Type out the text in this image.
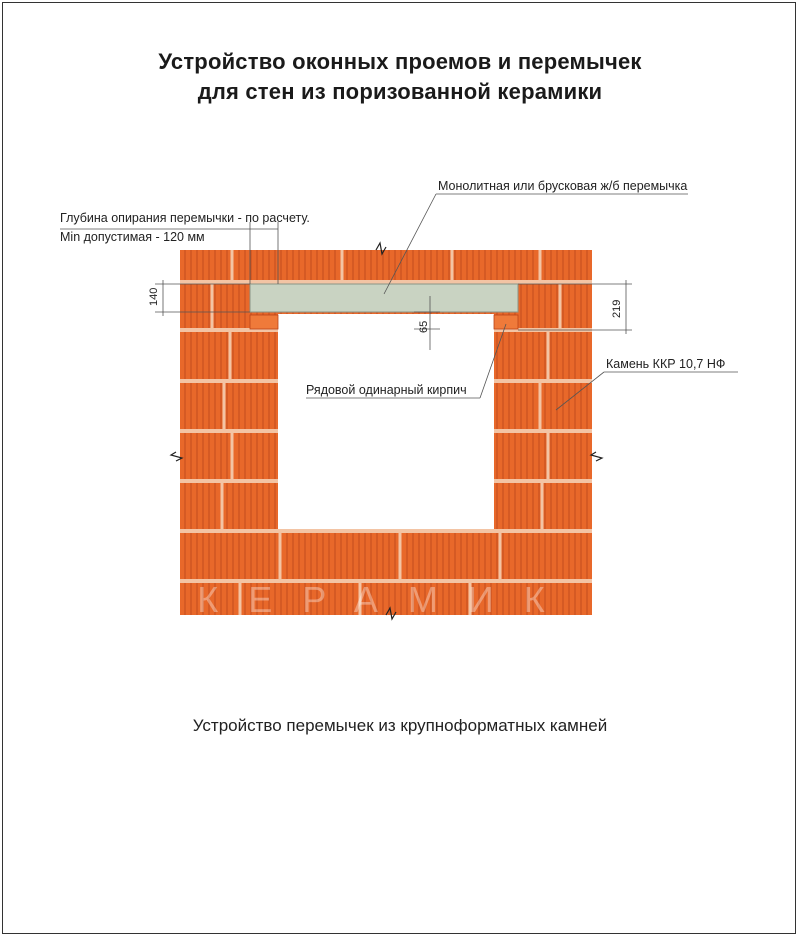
Устройство оконных проемов и перемычек
для стен из поризованной керамики
КЕРАМИК
Монолитная или брусковая ж/б перемычка
Глубина опирания перемычки - по расчету.
Min допустимая - 120 мм
140
219
65
Камень ККР 10,7 НФ
Рядовой одинарный кирпич
Устройство перемычек из крупноформатных камней
